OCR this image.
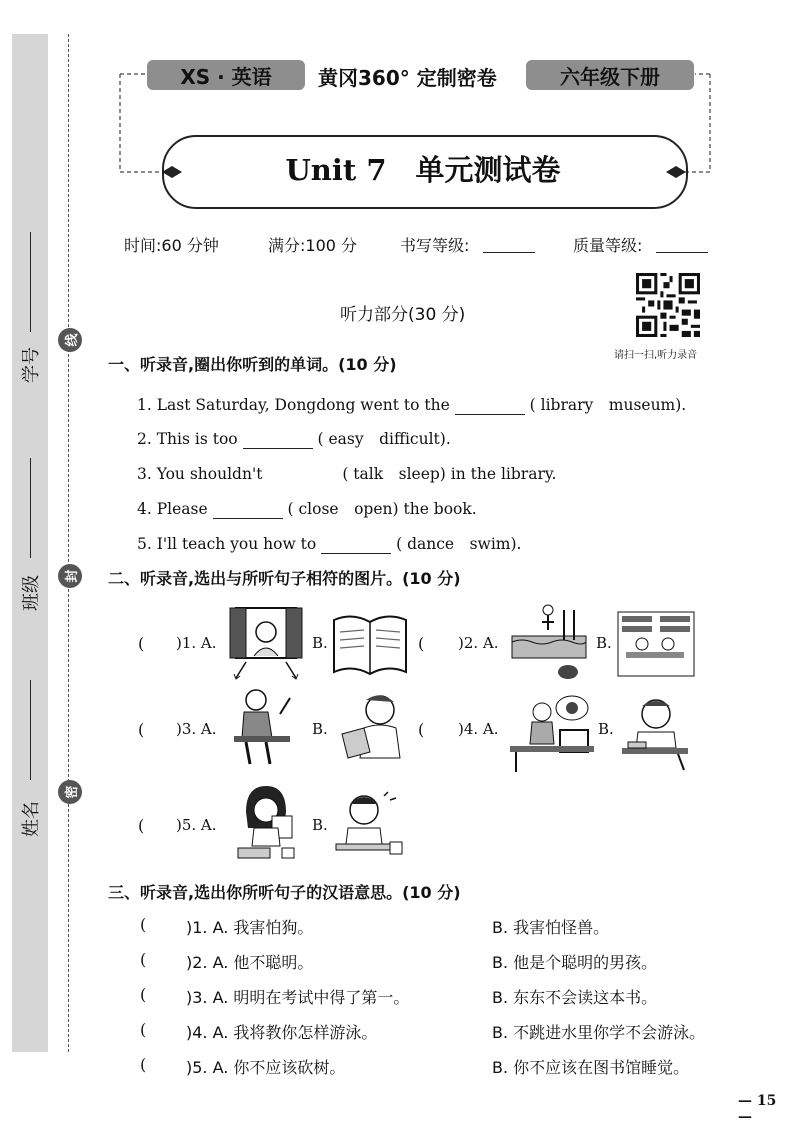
学号
班级
姓名
线
封
密
XS · 英语	黄冈360° 定制密卷	六年级下册
Unit 7　单元测试卷
时间:60 分钟	满分:100 分	书写等级:	质量等级:
听力部分(30 分)
请扫一扫,听力录音
一、听录音,圈出你听到的单词。(10 分)
1. Last Saturday, Dongdong went to the	( library　museum).
2. This is too	( easy　difficult).
3. You shouldn't	( talk　sleep) in the library.
4. Please	( close　open) the book.
5. I'll teach you how to	( dance　swim).
二、听录音,选出与所听句子相符的图片。(10 分)
( )1. A.	B.	( )2. A.	B.
( )3. A.	B.	( )4. A.	B.
( )5. A.	B.
三、听录音,选出你所听句子的汉语意思。(10 分)
( )1. A. 我害怕狗。	B. 我害怕怪兽。
( )2. A. 他不聪明。	B. 他是个聪明的男孩。
( )3. A. 明明在考试中得了第一。	B. 东东不会读这本书。
( )4. A. 我将教你怎样游泳。	B. 不跳进水里你学不会游泳。
( )5. A. 你不应该砍树。	B. 你不应该在图书馆睡觉。
— 15 —
